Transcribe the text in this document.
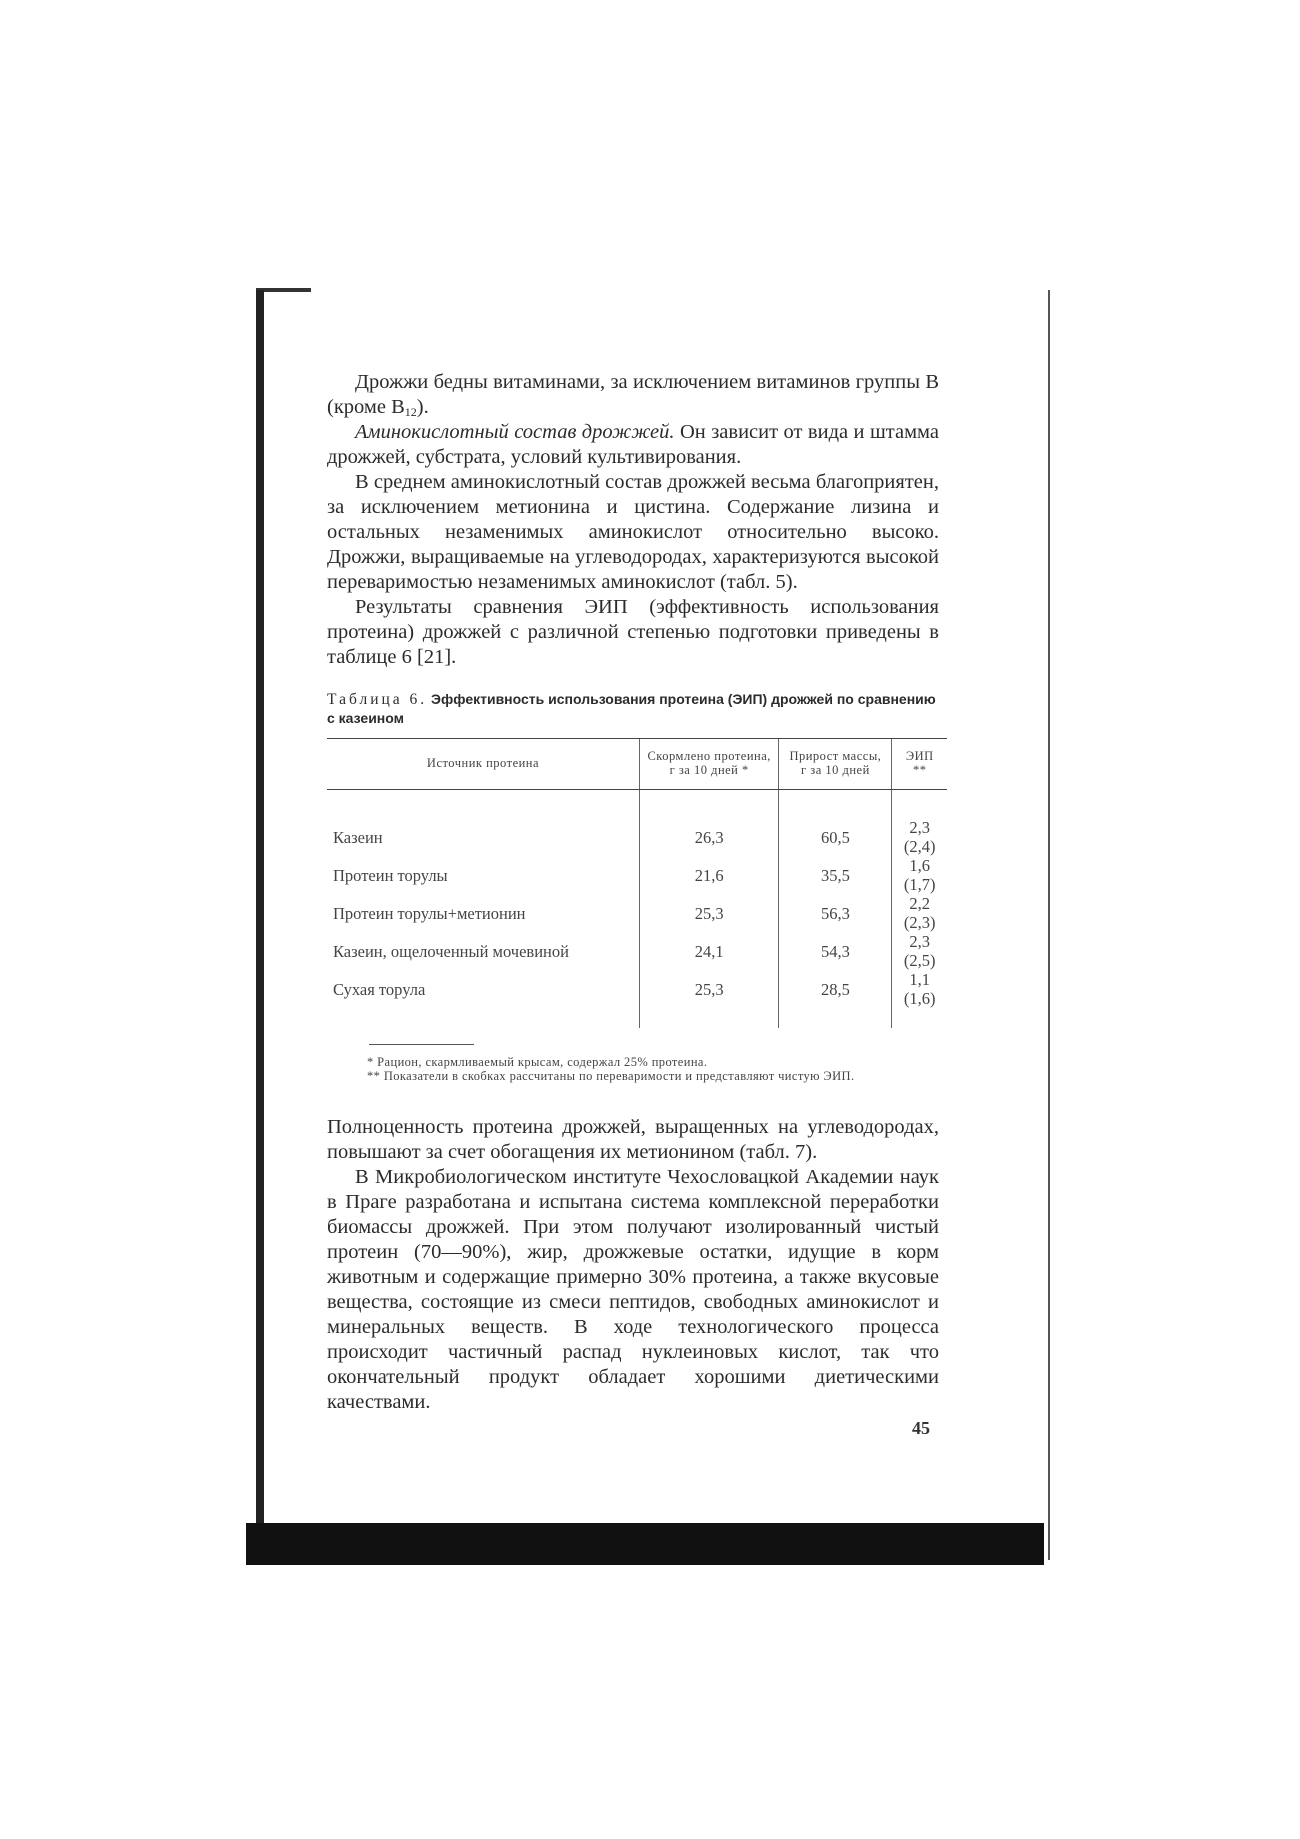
Дрожжи бедны витаминами, за исключением витаминов группы В (кроме $В_{12}$).

Аминокислотный состав дрожжей. Он зависит от вида и штамма дрожжей, субстрата, условий культивирования.

В среднем аминокислотный состав дрожжей весьма благоприятен, за исключением метионина и цистина. Содержание лизина и остальных незаменимых аминокислот относительно высоко. Дрожжи, выращиваемые на углеводородах, характеризуются высокой переваримостью незаменимых аминокислот (табл. 5).

Результаты сравнения ЭИП (эффективность использования протеина) дрожжей с различной степенью подготовки приведены в таблице 6 [21].

Таблица 6. Эффективность использования протеина (ЭИП) дрожжей по сравнению с казеином
Источник протеина	Скормлено протеина, г за 10 дней *	Прирост массы, г за 10 дней	ЭИП **
Казеин	26,3	60,5	2,3 (2,4)
Протеин торулы	21,6	35,5	1,6 (1,7)
Протеин торулы+метионин	25,3	56,3	2,2 (2,3)
Казеин, ощелоченный мочевиной	24,1	54,3	2,3 (2,5)
Сухая торула	25,3	28,5	1,1 (1,6)
* Рацион, скармливаемый крысам, содержал 25% протеина.
** Показатели в скобках рассчитаны по переваримости и представляют чистую ЭИП.

Полноценность протеина дрожжей, выращенных на углеводородах, повышают за счет обогащения их метионином (табл. 7).

В Микробиологическом институте Чехословацкой Академии наук в Праге разработана и испытана система комплексной переработки биомассы дрожжей. При этом получают изолированный чистый протеин (70—90%), жир, дрожжевые остатки, идущие в корм животным и содержащие примерно 30% протеина, а также вкусовые вещества, состоящие из смеси пептидов, свободных аминокислот и минеральных веществ. В ходе технологического процесса происходит частичный распад нуклеиновых кислот, так что окончательный продукт обладает хорошими диетическими качествами.

45
